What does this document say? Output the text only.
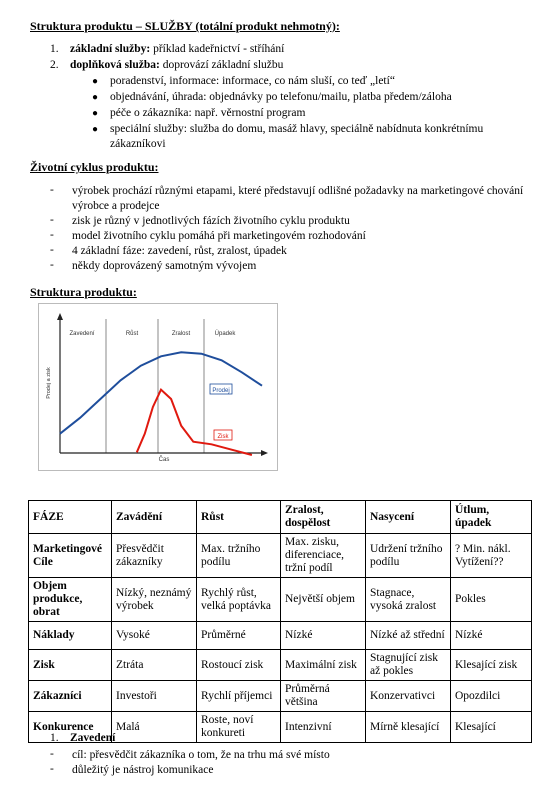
Struktura produktu – SLUŽBY (totální produkt nehmotný):
1. základní služby: příklad kadeřnictví - stříhání
2. doplňková služba: doprovází základní službu
● poradenství, informace: informace, co nám sluší, co teď „letí“
● objednávání, úhrada: objednávky po telefonu/mailu, platba předem/záloha
● péče o zákazníka: např. věrnostní program
● speciální služby: služba do domu, masáž hlavy, speciálně nabídnuta konkrétnímu zákazníkovi
Životní cyklus produktu:
- výrobek prochází různými etapami, které představují odlišné požadavky na marketingové chování výrobce a prodejce
- zisk je různý v jednotlivých fázích životního cyklu produktu
- model životního cyklu pomáhá při marketingovém rozhodování
- 4 základní fáze: zavedení, růst, zralost, úpadek
- někdy doprovázený samotným vývojem
Struktura produktu:
Zavedení	Růst	Zralost	Úpadek
Prodej a zisk
Čas
Prodej
Zisk
FÁZE	Zavádění	Růst	Zralost, dospělost	Nasycení	Útlum, úpadek
Marketingové Cíle	Přesvědčit zákazníky	Max. tržního podílu	Max. zisku, diferenciace, tržní podíl	Udržení tržního podílu	? Min. nákl. Vytížení??
Objem produkce, obrat	Nízký, neznámý výrobek	Rychlý růst, velká poptávka	Největší objem	Stagnace, vysoká zralost	Pokles
Náklady	Vysoké	Průměrné	Nízké	Nízké až střední	Nízké
Zisk	Ztráta	Rostoucí zisk	Maximální zisk	Stagnující zisk až pokles	Klesající zisk
Zákazníci	Investoři	Rychlí příjemci	Průměrná většina	Konzervativci	Opozdilci
Konkurence	Malá	Roste, noví konkureti	Intenzivní	Mírně klesající	Klesající
1. Zavedení
- cíl: přesvědčit zákazníka o tom, že na trhu má své místo
- důležitý je nástroj komunikace
